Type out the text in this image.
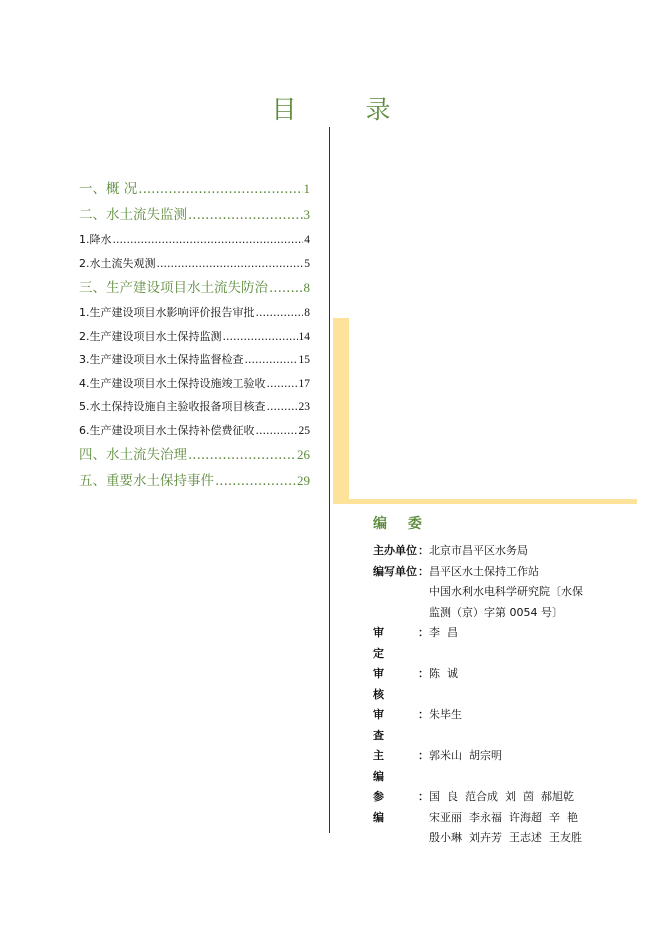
目　录
一、概 况 .....	1
二、水土流失监测 .....	3
1.降水 .....	4
2.水土流失观测 .....	5
三、生产建设项目水土流失防治 .....	8
1.生产建设项目水影响评价报告审批 .....	8
2.生产建设项目水土保持监测 .....	14
3.生产建设项目水土保持监督检查 .....	15
4.生产建设项目水土保持设施竣工验收 .....	17
5.水土保持设施自主验收报备项目核查 .....	23
6.生产建设项目水土保持补偿费征收 .....	25
四、水土流失治理 .....	26
五、重要水土保持事件 .....	29
编 委
主办单位 ： 北京市昌平区水务局
编写单位 ： 昌平区水土保持工作站
中国水利水电科学研究院〔水保
监测（京）字第 0054 号〕
审定
： 李  昌
审核
： 陈  诚
审查
： 朱毕生
主编
： 郭米山  胡宗明
参编
： 国  良  范合成  刘  茵  郝旭乾
宋亚丽  李永福  许海超  辛  艳
殷小琳  刘卉芳  王志述  王友胜
